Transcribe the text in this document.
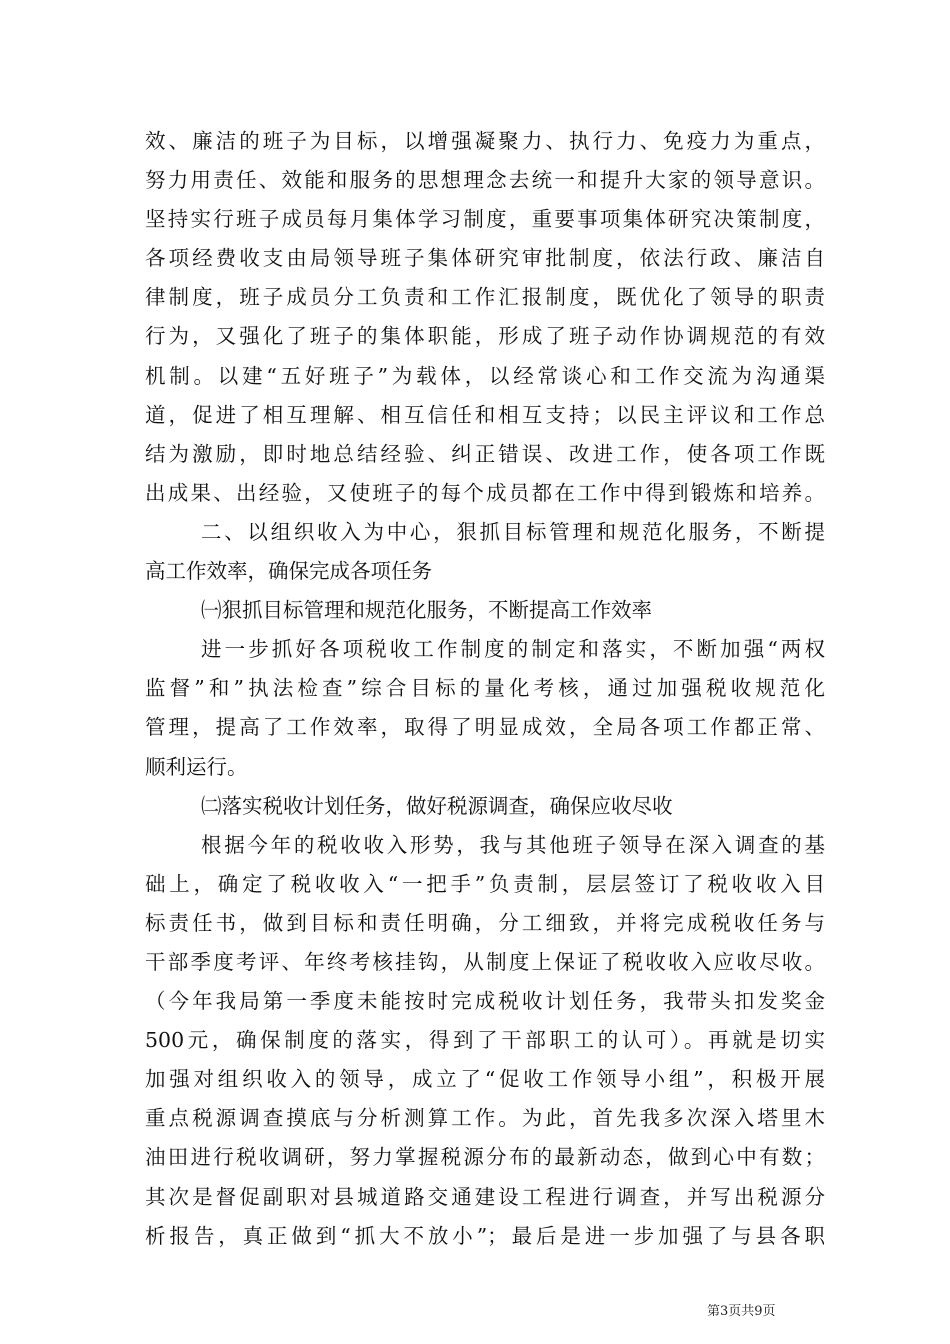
效、廉洁的班子为目标，以增强凝聚力、执行力、免疫力为重点，
努力用责任、效能和服务的思想理念去统一和提升大家的领导意识。
坚持实行班子成员每月集体学习制度，重要事项集体研究决策制度，
各项经费收支由局领导班子集体研究审批制度，依法行政、廉洁自
律制度，班子成员分工负责和工作汇报制度，既优化了领导的职责
行为，又强化了班子的集体职能，形成了班子动作协调规范的有效
机制。以建“五好班子”为载体，以经常谈心和工作交流为沟通渠
道，促进了相互理解、相互信任和相互支持；以民主评议和工作总
结为激励，即时地总结经验、纠正错误、改进工作，使各项工作既
出成果、出经验，又使班子的每个成员都在工作中得到锻炼和培养。
二、以组织收入为中心，狠抓目标管理和规范化服务，不断提
高工作效率，确保完成各项任务
㈠狠抓目标管理和规范化服务，不断提高工作效率
进一步抓好各项税收工作制度的制定和落实，不断加强“两权
监督”和”执法检查”综合目标的量化考核，通过加强税收规范化
管理，提高了工作效率，取得了明显成效，全局各项工作都正常、
顺利运行。
㈡落实税收计划任务，做好税源调查，确保应收尽收
根据今年的税收收入形势，我与其他班子领导在深入调查的基
础上，确定了税收收入“一把手”负责制，层层签订了税收收入目
标责任书，做到目标和责任明确，分工细致，并将完成税收任务与
干部季度考评、年终考核挂钩，从制度上保证了税收收入应收尽收。
（今年我局第一季度未能按时完成税收计划任务，我带头扣发奖金
500元，确保制度的落实，得到了干部职工的认可）。再就是切实
加强对组织收入的领导，成立了“促收工作领导小组”，积极开展
重点税源调查摸底与分析测算工作。为此，首先我多次深入塔里木
油田进行税收调研，努力掌握税源分布的最新动态，做到心中有数；
其次是督促副职对县城道路交通建设工程进行调查，并写出税源分
析报告，真正做到“抓大不放小”；最后是进一步加强了与县各职
第3页共9页
